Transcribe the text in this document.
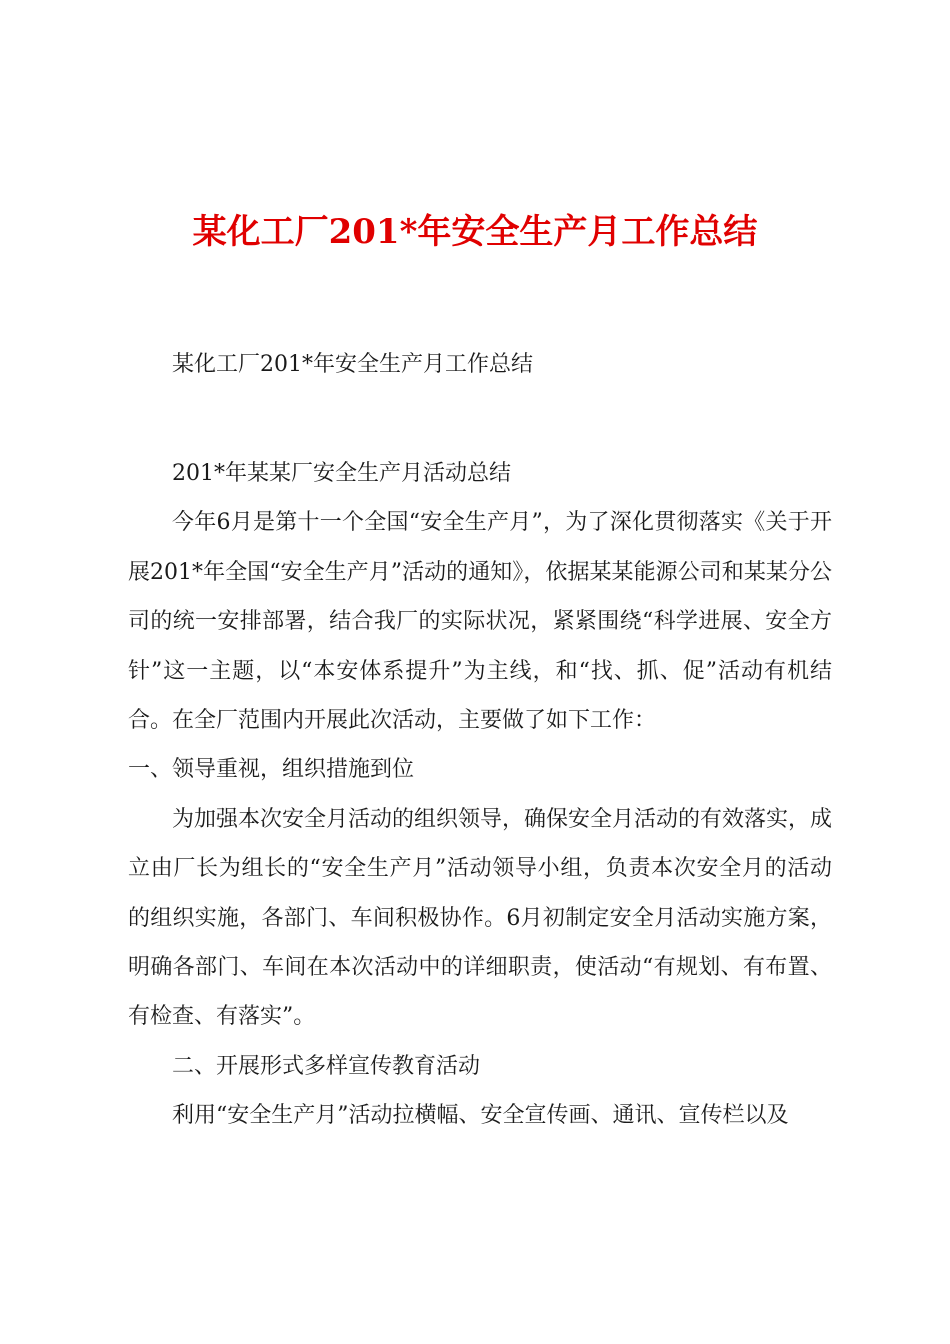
某化工厂201*年安全生产月工作总结
某化工厂201*年安全生产月工作总结

201*年某某厂安全生产月活动总结

今年6月是第十一个全国“安全生产月”，为了深化贯彻落实《关于开展201*年全国“安全生产月”活动的通知》，依据某某能源公司和某某分公司的统一安排部署，结合我厂的实际状况，紧紧围绕“科学进展、安全方针”这一主题，以“本安体系提升”为主线，和“找、抓、促”活动有机结合。在全厂范围内开展此次活动，主要做了如下工作：

一、领导重视，组织措施到位

为加强本次安全月活动的组织领导，确保安全月活动的有效落实，成立由厂长为组长的“安全生产月”活动领导小组，负责本次安全月的活动的组织实施，各部门、车间积极协作。6月初制定安全月活动实施方案，明确各部门、车间在本次活动中的详细职责，使活动“有规划、有布置、有检查、有落实”。

二、开展形式多样宣传教育活动

利用“安全生产月”活动拉横幅、安全宣传画、通讯、宣传栏以及
